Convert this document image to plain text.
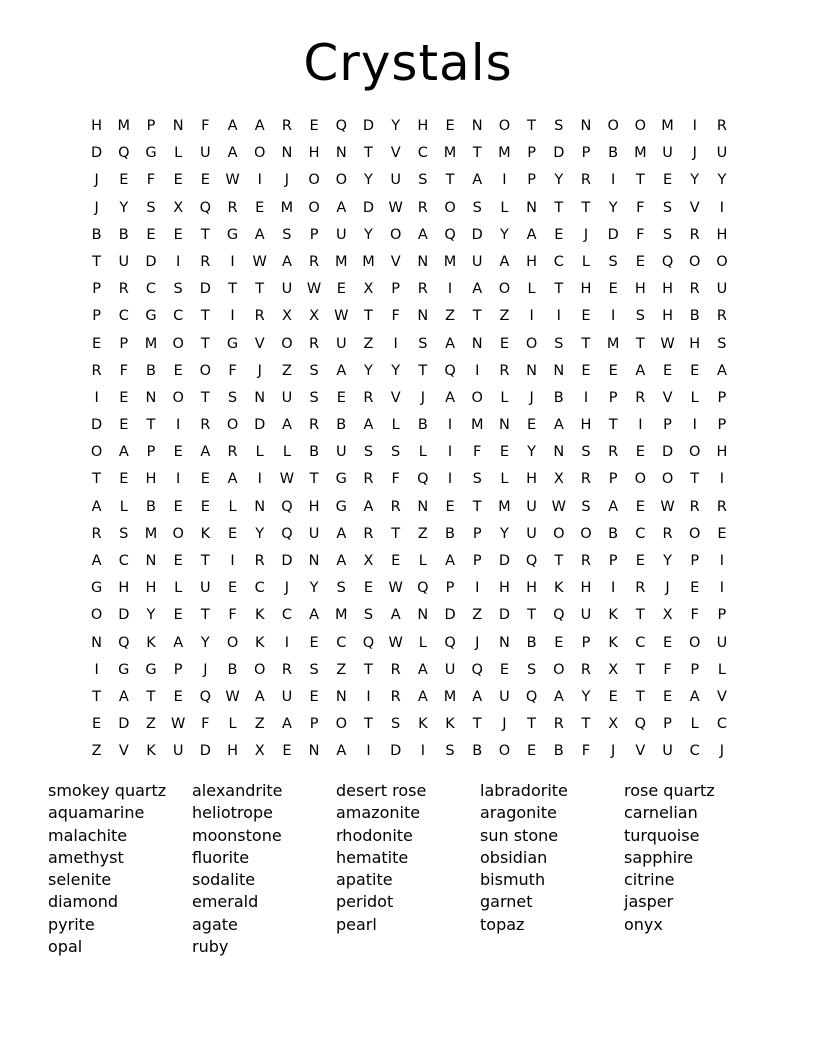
Crystals
H	M	P	N	F	A	A	R	E	Q	D	Y	H	E	N	O	T	S	N	O	O	M	I	R
D	Q	G	L	U	A	O	N	H	N	T	V	C	M	T	M	P	D	P	B	M	U	J	U
J	E	F	E	E	W	I	J	O	O	Y	U	S	T	A	I	P	Y	R	I	T	E	Y	Y
J	Y	S	X	Q	R	E	M	O	A	D W	R	O	S	L	N	T	T	Y	F	S	V	I
B	B	E	E	T	G	A	S	P	U	Y	O	A	Q	D	Y	A	E	J	D	F	S	R	H
T	U	D	I	R	I	W	A	R	M	M	V	N	M	U	A	H	C	L	S	E	Q	O	O
P	R	C	S	D	T	T	U	W	E	X	P	R	I	A	O	L	T	H	E	H	H	R	U
P	C	G	C	T	I	R	X	X	W	T	F	N	Z	T	Z	I	I	E	I	S	H	B	R
E	P	M	O	T	G	V	O	R	U	Z	I	S	A	N	E	O	S	T	M	T	W	H	S
R	F	B	E	O	F	J	Z	S	A	Y	Y	T	Q	I	R	N	N	E	E	A	E	E	A
I	E	N	O	T	S	N	U	S	E	R	V	J	A	O	L	J	B	I	P	R	V	L	P
D	E	T	I	R	O	D	A	R	B	A	L	B	I	M	N	E	A	H	T	I	P	I	P
O	A	P	E	A	R	L	L	B	U	S	S	L	I	F	E	Y	N	S	R	E	D	O	H
T	E	H	I	E	A	I	W	T	G	R	F	Q	I	S	L	H	X	R	P	O	O	T	I
A	L	B	E	E	L	N	Q	H	G	A	R	N	E	T	M	U	W	S	A	E	W	R	R
R	S	M	O	K	E	Y	Q	U	A	R	T	Z	B	P	Y	U	O	O	B	C	R	O	E
A	C	N	E	T	I	R	D	N	A	X	E	L	A	P	D	Q	T	R	P	E	Y	P	I
G	H	H	L	U	E	C	J	Y	S	E	W Q	P	I	H	H	K	H	I	R	J	E	I
O	D	Y	E	T	F	K	C	A	M	S	A	N	D	Z	D	T	Q	U	K	T	X	F	P
N	Q	K	A	Y	O	K	I	E	C	Q W	L	Q	J	N	B	E	P	K	C	E	O	U
I	G	G	P	J	B	O	R	S	Z	T	R	A	U	Q	E	S	O	R	X	T	F	P	L
T	A	T	E	Q W	A	U	E	N	I	R	A	M	A	U	Q	A	Y	E	T	E	A	V
E	D	Z	W	F	L	Z	A	P	O	T	S	K	K	T	J	T	R	T	X	Q	P	L	C
Z	V	K	U	D	H	X	E	N	A	I	D	I	S	B	O	E	B	F	J	V	U	C	J
smokey quartz
aquamarine
malachite
amethyst
selenite
diamond
pyrite
opal
alexandrite
heliotrope
moonstone
fluorite
sodalite
emerald
agate
ruby
desert rose
amazonite
rhodonite
hematite
apatite
peridot
pearl
labradorite
aragonite
sun stone
obsidian
bismuth
garnet
topaz
rose quartz
carnelian
turquoise
sapphire
citrine
jasper
onyx
